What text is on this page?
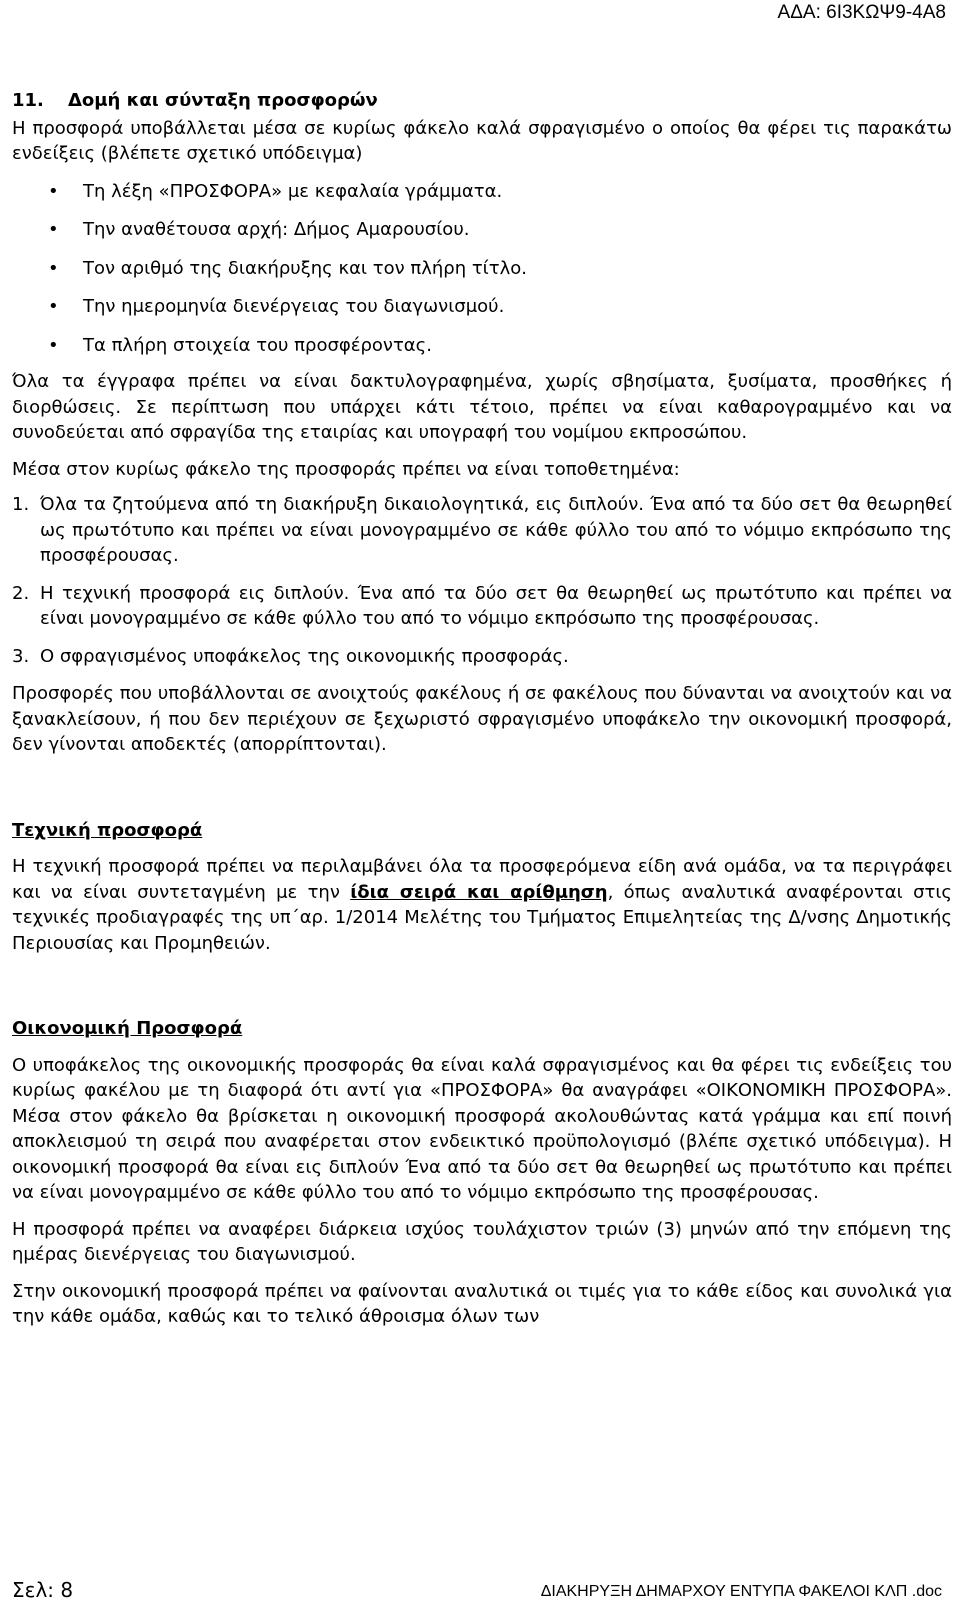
ΑΔΑ: 6Ι3ΚΩΨ9-4Α8

11. Δομή και σύνταξη προσφορών

Η προσφορά υποβάλλεται μέσα σε κυρίως φάκελο καλά σφραγισμένο ο οποίος θα φέρει τις παρακάτω ενδείξεις (βλέπετε σχετικό υπόδειγμα)

• Τη λέξη «ΠΡΟΣΦΟΡΑ» με κεφαλαία γράμματα.
• Την αναθέτουσα αρχή: Δήμος Αμαρουσίου.
• Τον αριθμό της διακήρυξης και τον πλήρη τίτλο.
• Την ημερομηνία διενέργειας του διαγωνισμού.
• Τα πλήρη στοιχεία του προσφέροντας.

Όλα τα έγγραφα πρέπει να είναι δακτυλογραφημένα, χωρίς σβησίματα, ξυσίματα, προσθήκες ή διορθώσεις. Σε περίπτωση που υπάρχει κάτι τέτοιο, πρέπει να είναι καθαρογραμμένο και να συνοδεύεται από σφραγίδα της εταιρίας και υπογραφή του νομίμου εκπροσώπου.

Μέσα στον κυρίως φάκελο της προσφοράς πρέπει να είναι τοποθετημένα:

1. Όλα τα ζητούμενα από τη διακήρυξη δικαιολογητικά, εις διπλούν. Ένα από τα δύο σετ θα θεωρηθεί ως πρωτότυπο και πρέπει να είναι μονογραμμένο σε κάθε φύλλο του από το νόμιμο εκπρόσωπο της προσφέρουσας.
2. Η τεχνική προσφορά εις διπλούν. Ένα από τα δύο σετ θα θεωρηθεί ως πρωτότυπο και πρέπει να είναι μονογραμμένο σε κάθε φύλλο του από το νόμιμο εκπρόσωπο της προσφέρουσας.
3. Ο σφραγισμένος υποφάκελος της οικονομικής προσφοράς.

Προσφορές που υποβάλλονται σε ανοιχτούς φακέλους ή σε φακέλους που δύνανται να ανοιχτούν και να ξανακλείσουν, ή που δεν περιέχουν σε ξεχωριστό σφραγισμένο υποφάκελο την οικονομική προσφορά, δεν γίνονται αποδεκτές (απορρίπτονται).

Τεχνική προσφορά

Η τεχνική προσφορά πρέπει να περιλαμβάνει όλα τα προσφερόμενα είδη ανά ομάδα, να τα περιγράφει και να είναι συντεταγμένη με την ίδια σειρά και αρίθμηση, όπως αναλυτικά αναφέρονται στις τεχνικές προδιαγραφές της υπ΄αρ. 1/2014 Μελέτης του Τμήματος Επιμελητείας της Δ/νσης Δημοτικής Περιουσίας και Προμηθειών.

Οικονομική Προσφορά

Ο υποφάκελος της οικονομικής προσφοράς θα είναι καλά σφραγισμένος και θα φέρει τις ενδείξεις του κυρίως φακέλου με τη διαφορά ότι αντί για «ΠΡΟΣΦΟΡΑ» θα αναγράφει «ΟΙΚΟΝΟΜΙΚΗ ΠΡΟΣΦΟΡΑ». Μέσα στον φάκελο θα βρίσκεται η οικονομική προσφορά ακολουθώντας κατά γράμμα και επί ποινή αποκλεισμού τη σειρά που αναφέρεται στον ενδεικτικό προϋπολογισμό (βλέπε σχετικό υπόδειγμα). Η οικονομική προσφορά θα είναι εις διπλούν Ένα από τα δύο σετ θα θεωρηθεί ως πρωτότυπο και πρέπει να είναι μονογραμμένο σε κάθε φύλλο του από το νόμιμο εκπρόσωπο της προσφέρουσας.

Η προσφορά πρέπει να αναφέρει διάρκεια ισχύος τουλάχιστον τριών (3) μηνών από την επόμενη της ημέρας διενέργειας του διαγωνισμού.

Στην οικονομική προσφορά πρέπει να φαίνονται αναλυτικά οι τιμές για το κάθε είδος και συνολικά για την κάθε ομάδα, καθώς και το τελικό άθροισμα όλων των

Σελ: 8	ΔΙΑΚΗΡΥΞΗ ΔΗΜΑΡΧΟΥ ΕΝΤΥΠΑ ΦΑΚΕΛΟΙ ΚΛΠ .doc
